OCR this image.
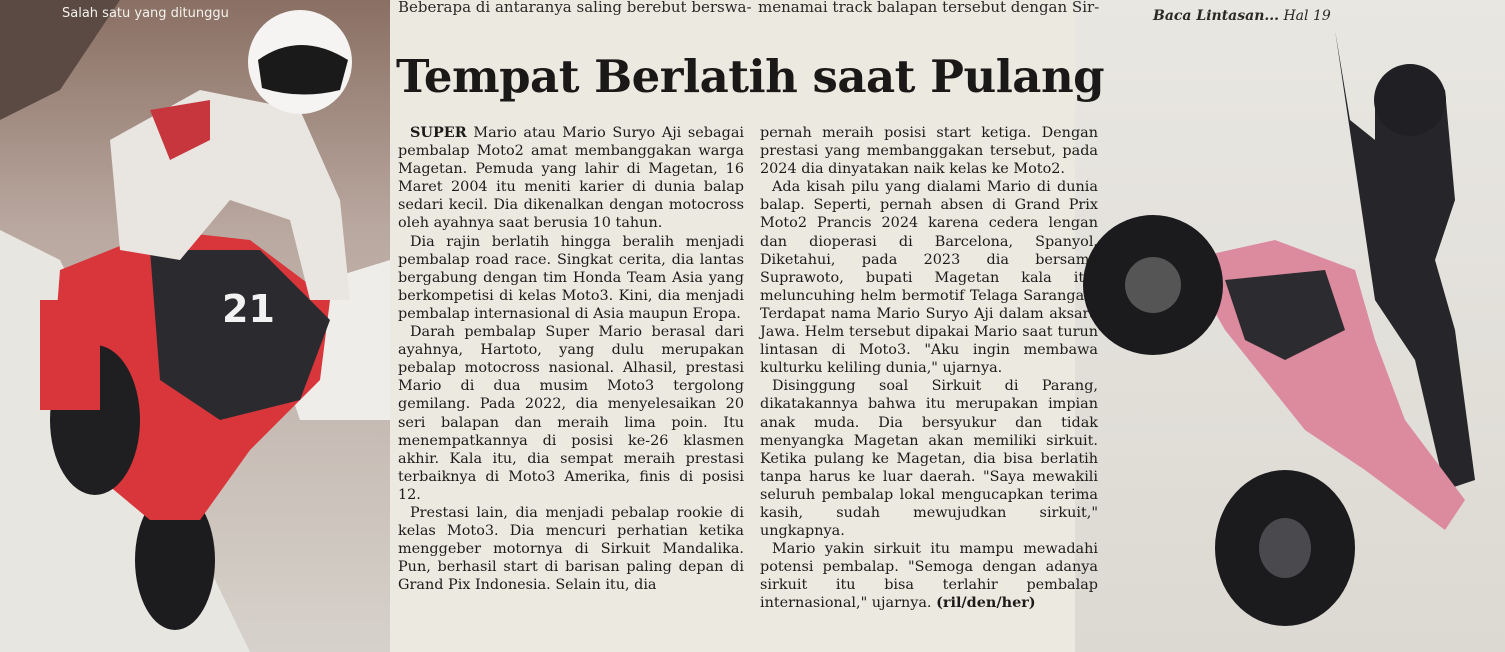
21
Salah satu yang ditunggu	Beberapa di antaranya saling berebut berswa- menamai track balapan tersebut dengan Sir-	Baca Lintasan... Hal 19
Tempat Berlatih saat Pulang

SUPER Mario atau Mario Suryo Aji sebagai pembalap Moto2 amat membanggakan warga Magetan. Pemuda yang lahir di Magetan, 16 Maret 2004 itu meniti karier di dunia balap sedari kecil. Dia dikenalkan dengan motocross oleh ayahnya saat berusia 10 tahun.

Dia rajin berlatih hingga beralih menjadi pembalap road race. Singkat cerita, dia lantas bergabung dengan tim Honda Team Asia yang berkompetisi di kelas Moto3. Kini, dia menjadi pembalap internasional di Asia maupun Eropa.

Darah pembalap Super Mario berasal dari ayahnya, Hartoto, yang dulu merupakan pebalap motocross nasional. Alhasil, prestasi Mario di dua musim Moto3 tergolong gemilang. Pada 2022, dia menyelesaikan 20 seri balapan dan meraih lima poin. Itu menempatkannya di posisi ke-26 klasmen akhir. Kala itu, dia sempat meraih prestasi terbaiknya di Moto3 Amerika, finis di posisi 12.

Prestasi lain, dia menjadi pebalap rookie di kelas Moto3. Dia mencuri perhatian ketika menggeber motornya di Sirkuit Mandalika. Pun, berhasil start di barisan paling depan di Grand Pix Indonesia. Selain itu, dia

pernah meraih posisi start ketiga. Dengan prestasi yang membanggakan tersebut, pada 2024 dia dinyatakan naik kelas ke Moto2.

Ada kisah pilu yang dialami Mario di dunia balap. Seperti, pernah absen di Grand Prix Moto2 Prancis 2024 karena cedera lengan dan dioperasi di Barcelona, Spanyol. Diketahui, pada 2023 dia bersama Suprawoto, bupati Magetan kala itu, meluncuhing helm bermotif Telaga Sarangan. Terdapat nama Mario Suryo Aji dalam aksara Jawa. Helm tersebut dipakai Mario saat turun lintasan di Moto3. "Aku ingin membawa kulturku keliling dunia," ujarnya.

Disinggung soal Sirkuit di Parang, dikatakannya bahwa itu merupakan impian anak muda. Dia bersyukur dan tidak menyangka Magetan akan memiliki sirkuit. Ketika pulang ke Magetan, dia bisa berlatih tanpa harus ke luar daerah. "Saya mewakili seluruh pembalap lokal mengucapkan terima kasih, sudah mewujudkan sirkuit," ungkapnya.

Mario yakin sirkuit itu mampu mewadahi potensi pembalap. "Semoga dengan adanya sirkuit itu bisa terlahir pembalap internasional," ujarnya. (ril/den/her)
